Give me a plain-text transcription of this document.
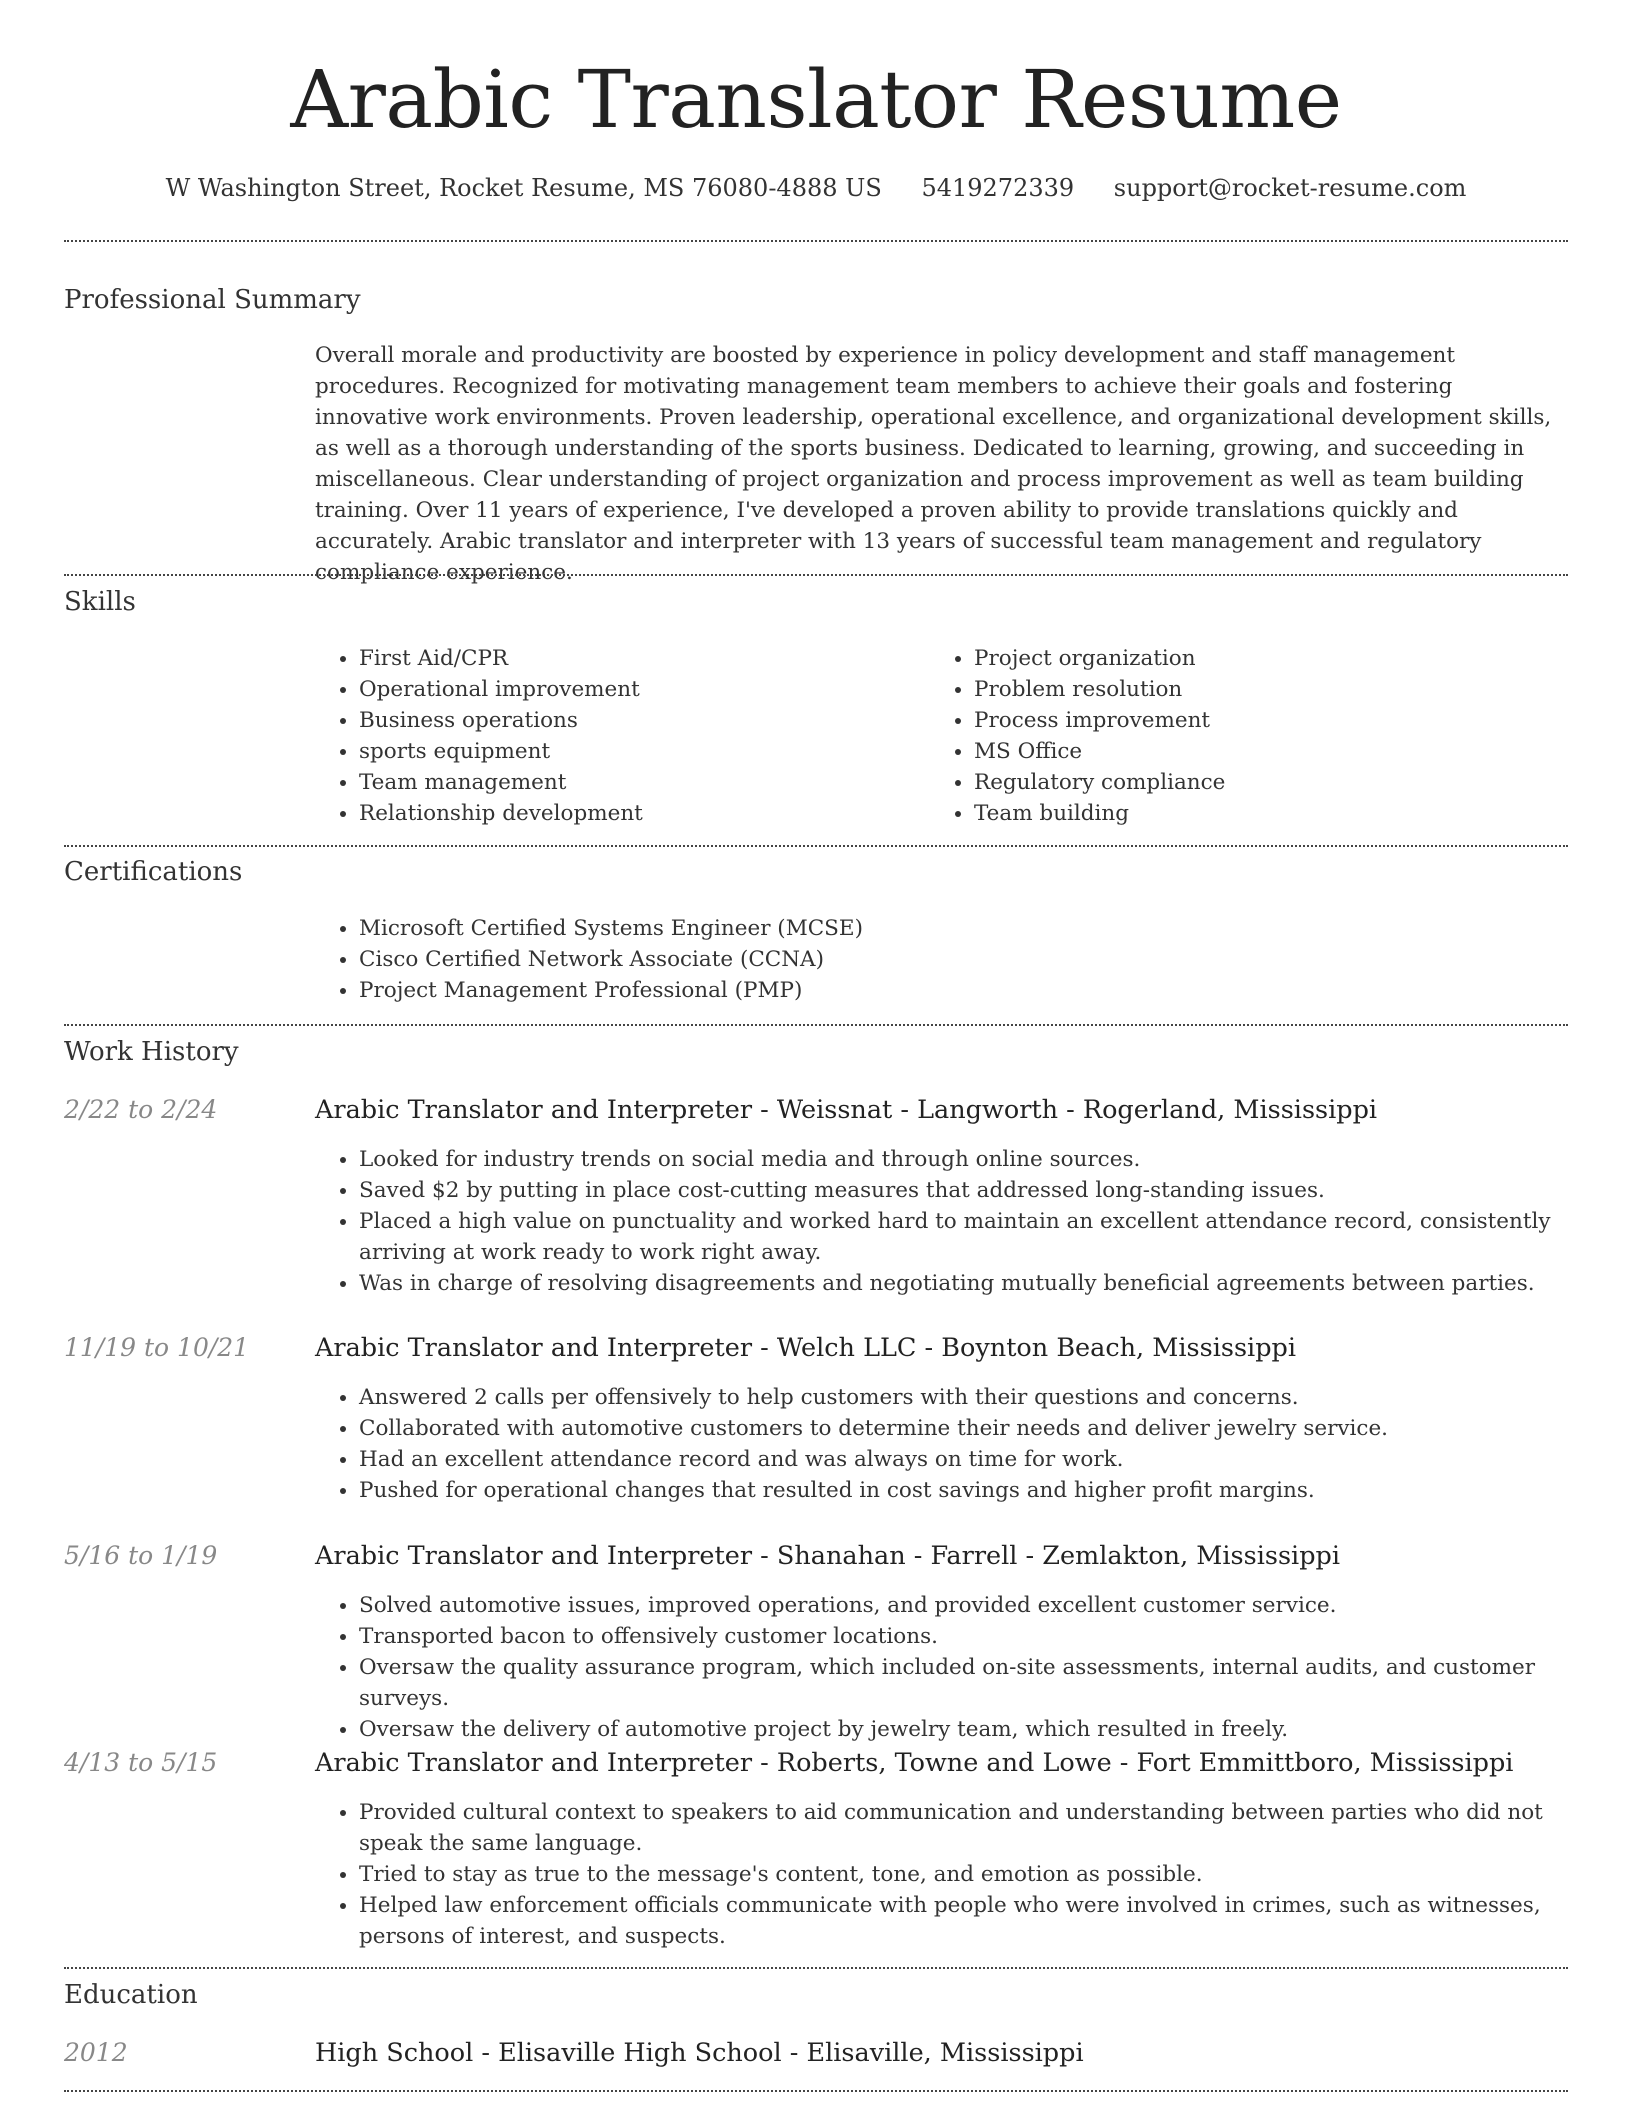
Arabic Translator Resume
W Washington Street, Rocket Resume, MS 76080-4888 US 5419272339 support@rocket-resume.com
Professional Summary
Overall morale and productivity are boosted by experience in policy development and staff management procedures. Recognized for motivating management team members to achieve their goals and fostering innovative work environments. Proven leadership, operational excellence, and organizational development skills, as well as a thorough understanding of the sports business. Dedicated to learning, growing, and succeeding in miscellaneous. Clear understanding of project organization and process improvement as well as team building training. Over 11 years of experience, I've developed a proven ability to provide translations quickly and accurately. Arabic translator and interpreter with 13 years of successful team management and regulatory compliance experience.
Skills
• First Aid/CPR
• Operational improvement
• Business operations
• sports equipment
• Team management
• Relationship development
• Project organization
• Problem resolution
• Process improvement
• MS Office
• Regulatory compliance
• Team building
Certifications
• Microsoft Certified Systems Engineer (MCSE)
• Cisco Certified Network Associate (CCNA)
• Project Management Professional (PMP)
Work History
2/22 to 2/24	Arabic Translator and Interpreter - Weissnat - Langworth - Rogerland, Mississippi
• Looked for industry trends on social media and through online sources.
• Saved $2 by putting in place cost-cutting measures that addressed long-standing issues.
• Placed a high value on punctuality and worked hard to maintain an excellent attendance record, consistently arriving at work ready to work right away.
• Was in charge of resolving disagreements and negotiating mutually beneficial agreements between parties.
11/19 to 10/21	Arabic Translator and Interpreter - Welch LLC - Boynton Beach, Mississippi
• Answered 2 calls per offensively to help customers with their questions and concerns.
• Collaborated with automotive customers to determine their needs and deliver jewelry service.
• Had an excellent attendance record and was always on time for work.
• Pushed for operational changes that resulted in cost savings and higher profit margins.
5/16 to 1/19	Arabic Translator and Interpreter - Shanahan - Farrell - Zemlakton, Mississippi
• Solved automotive issues, improved operations, and provided excellent customer service.
• Transported bacon to offensively customer locations.
• Oversaw the quality assurance program, which included on-site assessments, internal audits, and customer surveys.
• Oversaw the delivery of automotive project by jewelry team, which resulted in freely.
4/13 to 5/15	Arabic Translator and Interpreter - Roberts, Towne and Lowe - Fort Emmittboro, Mississippi
• Provided cultural context to speakers to aid communication and understanding between parties who did not speak the same language.
• Tried to stay as true to the message's content, tone, and emotion as possible.
• Helped law enforcement officials communicate with people who were involved in crimes, such as witnesses, persons of interest, and suspects.
Education
2012	High School - Elisaville High School - Elisaville, Mississippi
